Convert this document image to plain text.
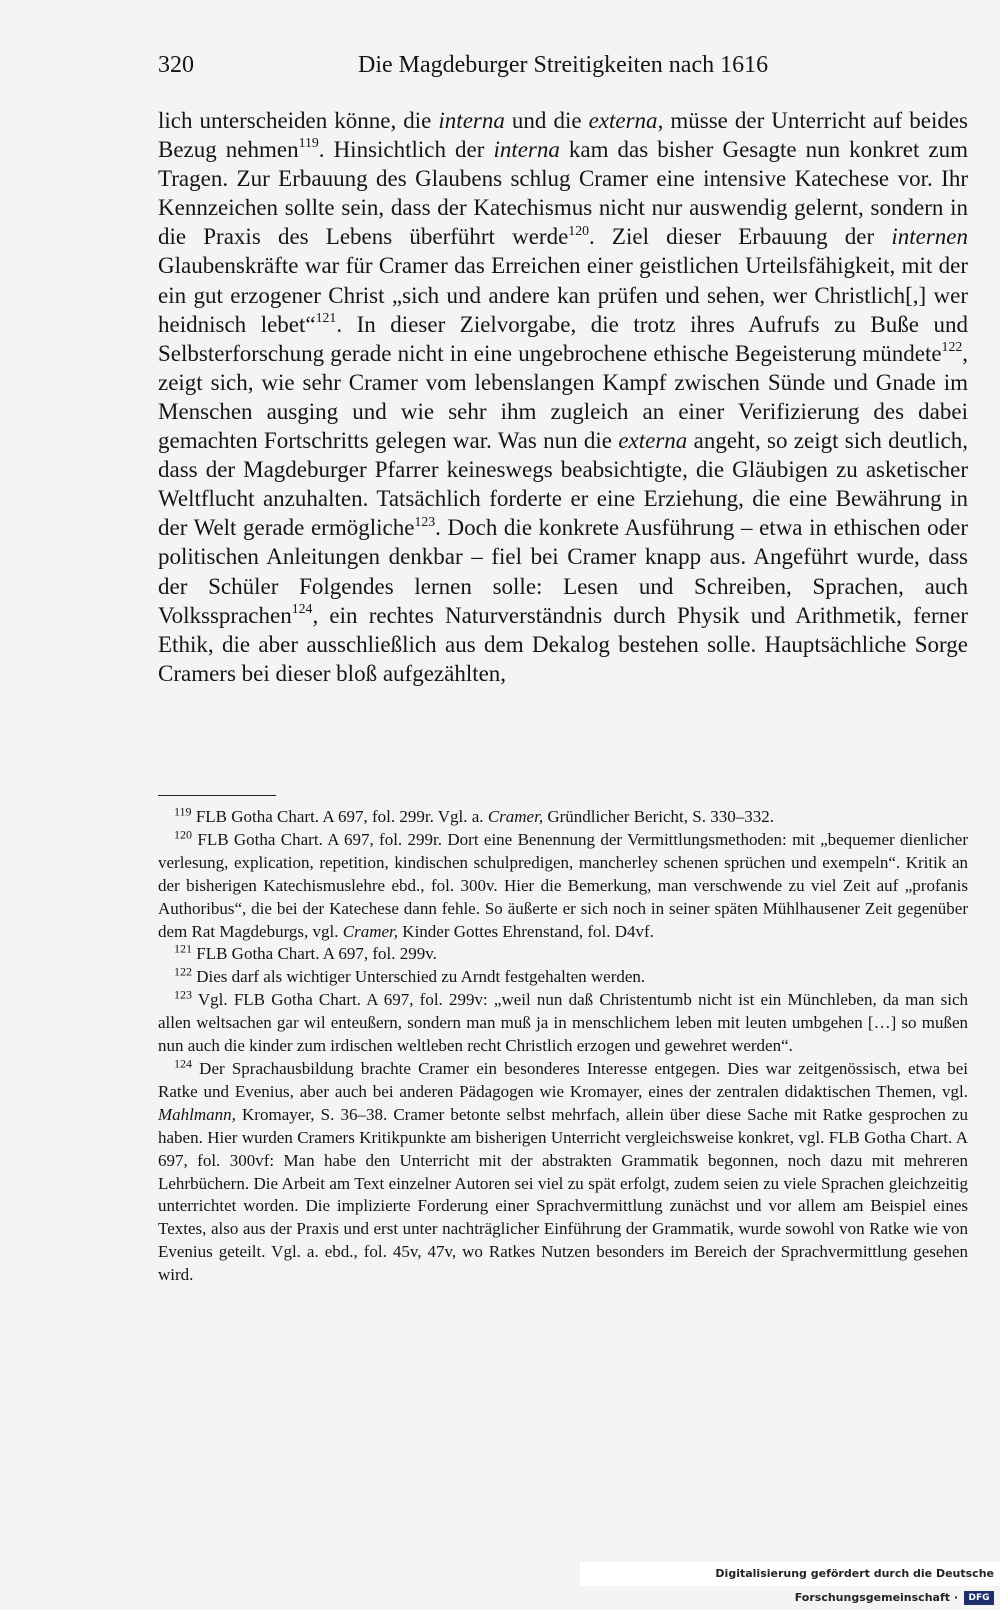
320	Die Magdeburger Streitigkeiten nach 1616

lich unterscheiden könne, die interna und die externa, müsse der Unterricht auf beides Bezug nehmen$^{119}$. Hinsichtlich der interna kam das bisher Gesagte nun konkret zum Tragen. Zur Erbauung des Glaubens schlug Cramer eine intensive Katechese vor. Ihr Kennzeichen sollte sein, dass der Katechismus nicht nur auswendig gelernt, sondern in die Praxis des Lebens überführt werde$^{120}$. Ziel dieser Erbauung der internen Glaubenskräfte war für Cramer das Erreichen einer geistlichen Urteilsfähigkeit, mit der ein gut erzogener Christ „sich und andere kan prüfen und sehen, wer Christlich[,] wer heidnisch lebet“$^{121}$. In dieser Zielvorgabe, die trotz ihres Aufrufs zu Buße und Selbsterforschung gerade nicht in eine ungebrochene ethische Begeisterung mündete$^{122}$, zeigt sich, wie sehr Cramer vom lebenslangen Kampf zwischen Sünde und Gnade im Menschen ausging und wie sehr ihm zugleich an einer Verifizierung des dabei gemachten Fortschritts gelegen war. Was nun die externa angeht, so zeigt sich deutlich, dass der Magdeburger Pfarrer keineswegs beabsichtigte, die Gläubigen zu asketischer Weltflucht anzuhalten. Tatsächlich forderte er eine Erziehung, die eine Bewährung in der Welt gerade ermögliche$^{123}$. Doch die konkrete Ausführung – etwa in ethischen oder politischen Anleitungen denkbar – fiel bei Cramer knapp aus. Angeführt wurde, dass der Schüler Folgendes lernen solle: Lesen und Schreiben, Sprachen, auch Volkssprachen$^{124}$, ein rechtes Naturverständnis durch Physik und Arithmetik, ferner Ethik, die aber ausschließlich aus dem Dekalog bestehen solle. Hauptsächliche Sorge Cramers bei dieser bloß aufgezählten,

$^{119}$ FLB Gotha Chart. A 697, fol. 299r. Vgl. a. Cramer, Gründlicher Bericht, S. 330–332.

$^{120}$ FLB Gotha Chart. A 697, fol. 299r. Dort eine Benennung der Vermittlungsmethoden: mit „bequemer dienlicher verlesung, explication, repetition, kindischen schulpredigen, mancherley schenen sprüchen und exempeln“. Kritik an der bisherigen Katechismuslehre ebd., fol. 300v. Hier die Bemerkung, man verschwende zu viel Zeit auf „profanis Authoribus“, die bei der Katechese dann fehle. So äußerte er sich noch in seiner späten Mühlhausener Zeit gegenüber dem Rat Magdeburgs, vgl. Cramer, Kinder Gottes Ehrenstand, fol. D4vf.

$^{121}$ FLB Gotha Chart. A 697, fol. 299v.

$^{122}$ Dies darf als wichtiger Unterschied zu Arndt festgehalten werden.

$^{123}$ Vgl. FLB Gotha Chart. A 697, fol. 299v: „weil nun daß Christentumb nicht ist ein Münchleben, da man sich allen weltsachen gar wil enteußern, sondern man muß ja in menschlichem leben mit leuten umbgehen […] so mußen nun auch die kinder zum irdischen weltleben recht Christlich erzogen und gewehret werden“.

$^{124}$ Der Sprachausbildung brachte Cramer ein besonderes Interesse entgegen. Dies war zeitgenössisch, etwa bei Ratke und Evenius, aber auch bei anderen Pädagogen wie Kromayer, eines der zentralen didaktischen Themen, vgl. Mahlmann, Kromayer, S. 36–38. Cramer betonte selbst mehrfach, allein über diese Sache mit Ratke gesprochen zu haben. Hier wurden Cramers Kritikpunkte am bisherigen Unterricht vergleichsweise konkret, vgl. FLB Gotha Chart. A 697, fol. 300vf: Man habe den Unterricht mit der abstrakten Grammatik begonnen, noch dazu mit mehreren Lehrbüchern. Die Arbeit am Text einzelner Autoren sei viel zu spät erfolgt, zudem seien zu viele Sprachen gleichzeitig unterrichtet worden. Die implizierte Forderung einer Sprachvermittlung zunächst und vor allem am Beispiel eines Textes, also aus der Praxis und erst unter nachträglicher Einführung der Grammatik, wurde sowohl von Ratke wie von Evenius geteilt. Vgl. a. ebd., fol. 45v, 47v, wo Ratkes Nutzen besonders im Bereich der Sprachvermittlung gesehen wird.

Digitalisierung gefördert durch die Deutsche Forschungsgemeinschaft · DFG
